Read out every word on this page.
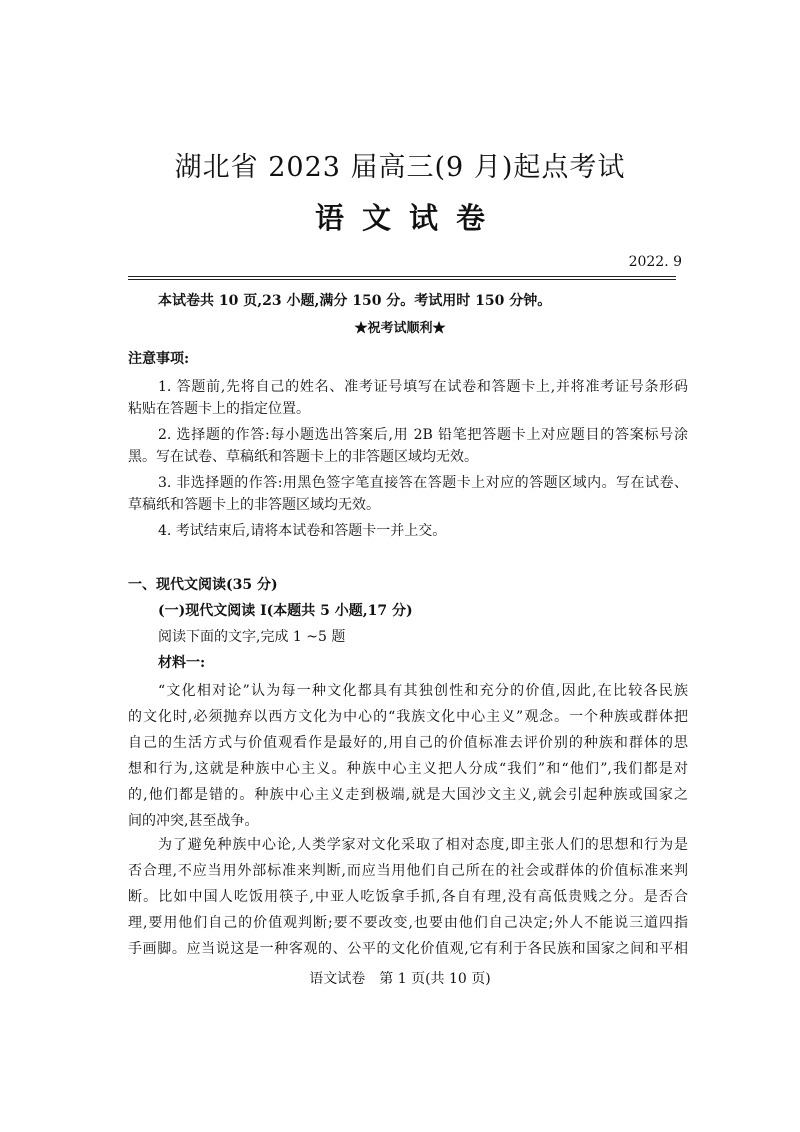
湖北省 2023 届高三(9 月)起点考试
语文试卷
2022. 9
本试卷共 10 页,23 小题,满分 150 分。考试用时 150 分钟。
★祝考试顺利★
注意事项:
1. 答题前,先将自己的姓名、准考证号填写在试卷和答题卡上,并将准考证号条形码
粘贴在答题卡上的指定位置。
2. 选择题的作答:每小题选出答案后,用 2B 铅笔把答题卡上对应题目的答案标号涂
黑。写在试卷、草稿纸和答题卡上的非答题区域均无效。
3. 非选择题的作答:用黑色签字笔直接答在答题卡上对应的答题区域内。写在试卷、
草稿纸和答题卡上的非答题区域均无效。
4. 考试结束后,请将本试卷和答题卡一并上交。
一、现代文阅读(35 分)
(一)现代文阅读 I(本题共 5 小题,17 分)
阅读下面的文字,完成 1 ~5 题
材料一:
“文化相对论”认为每一种文化都具有其独创性和充分的价值,因此,在比较各民族
的文化时,必须抛弃以西方文化为中心的“我族文化中心主义”观念。一个种族或群体把
自己的生活方式与价值观看作是最好的,用自己的价值标准去评价别的种族和群体的思
想和行为,这就是种族中心主义。种族中心主义把人分成“我们”和“他们”,我们都是对
的,他们都是错的。种族中心主义走到极端,就是大国沙文主义,就会引起种族或国家之
间的冲突,甚至战争。
为了避免种族中心论,人类学家对文化采取了相对态度,即主张人们的思想和行为是
否合理,不应当用外部标准来判断,而应当用他们自己所在的社会或群体的价值标准来判
断。比如中国人吃饭用筷子,中亚人吃饭拿手抓,各自有理,没有高低贵贱之分。是否合
理,要用他们自己的价值观判断;要不要改变,也要由他们自己决定;外人不能说三道四指
手画脚。应当说这是一种客观的、公平的文化价值观,它有利于各民族和国家之间和平相
语文试卷　第 1 页(共 10 页)
